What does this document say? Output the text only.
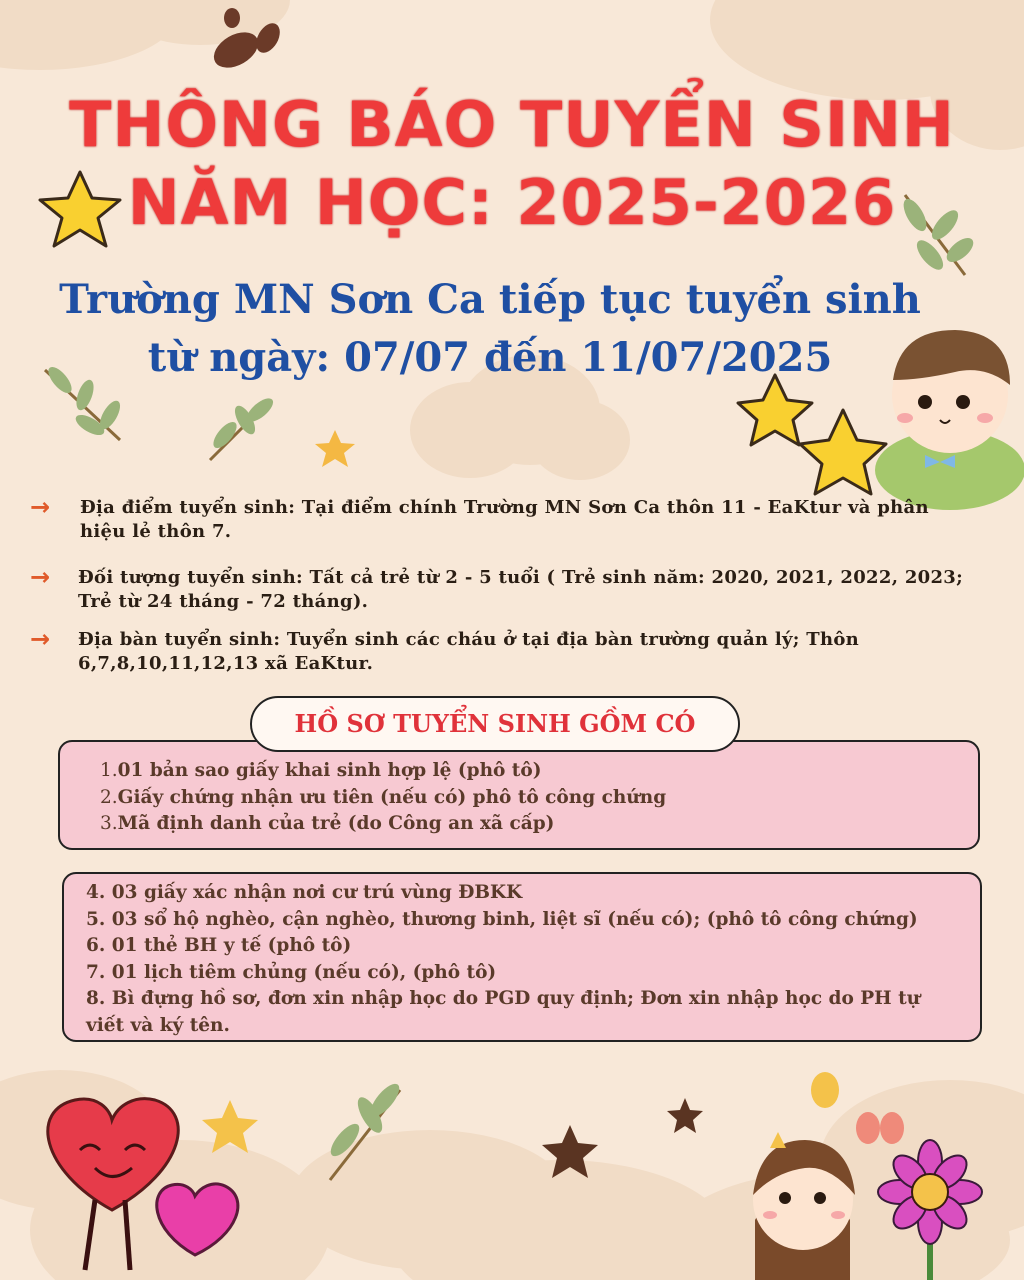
THÔNG BÁO TUYỂN SINH
NĂM HỌC: 2025-2026
Trường MN Sơn Ca tiếp tục tuyển sinh
từ ngày: 07/07 đến 11/07/2025
→	Địa điểm tuyển sinh: Tại điểm chính Trường MN Sơn Ca thôn 11 - EaKtur và phân hiệu lẻ thôn 7.
→	Đối tượng tuyển sinh: Tất cả trẻ từ 2 - 5 tuổi ( Trẻ sinh năm: 2020, 2021, 2022, 2023; Trẻ từ 24 tháng - 72 tháng).
→	Địa bàn tuyển sinh: Tuyển sinh các cháu ở tại địa bàn trường quản lý; Thôn 6,7,8,10,11,12,13 xã EaKtur.
HỒ SƠ TUYỂN SINH GỒM CÓ
1.01 bản sao giấy khai sinh hợp lệ (phô tô)
2.Giấy chứng nhận ưu tiên (nếu có) phô tô công chứng
3.Mã định danh của trẻ (do Công an xã cấp)
4. 03 giấy xác nhận nơi cư trú vùng ĐBKK
5. 03 sổ hộ nghèo, cận nghèo, thương binh, liệt sĩ (nếu có); (phô tô công chứng)
6. 01 thẻ BH y tế (phô tô)
7. 01 lịch tiêm chủng (nếu có), (phô tô)
8. Bì đựng hồ sơ, đơn xin nhập học do PGD quy định; Đơn xin nhập học do PH tự viết và ký tên.
